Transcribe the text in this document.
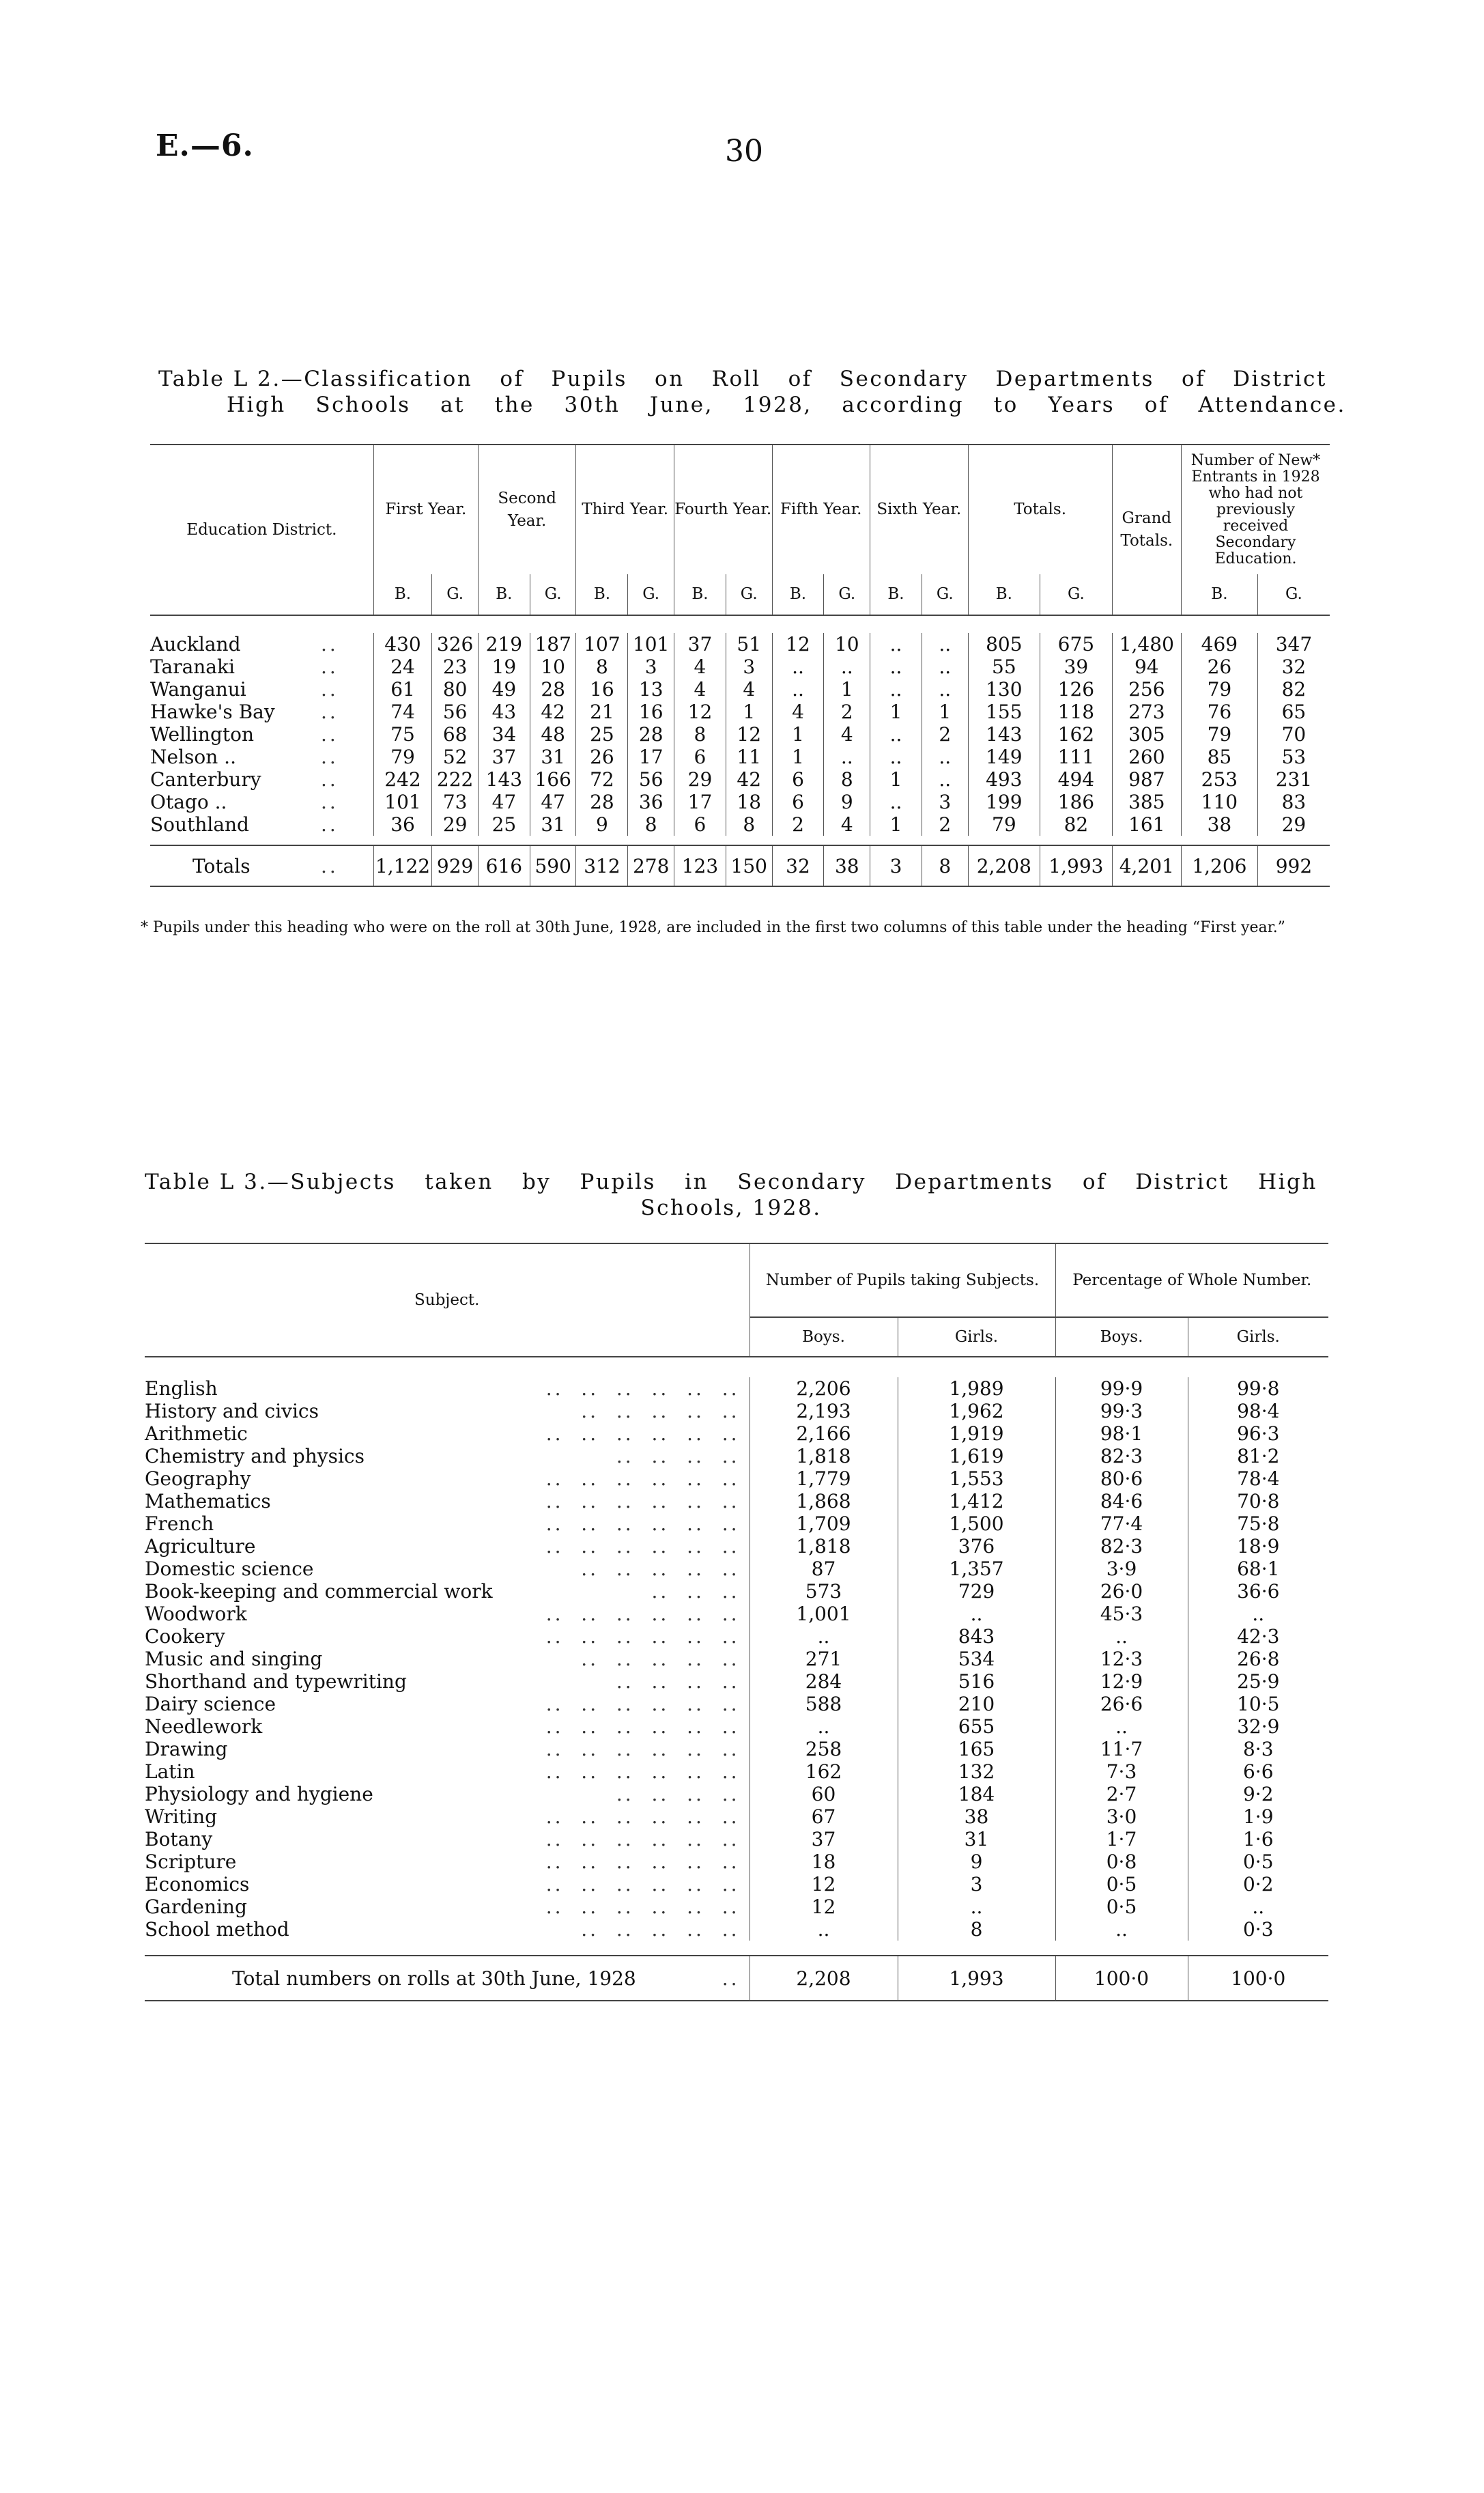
E.—6.	30
Table L 2.—Classification of Pupils on Roll of Secondary Departments of District
High Schools at the 30th June, 1928, according to Years of Attendance.
Education District.	First Year.		Second Year.		Third Year.		Fourth Year.		Fifth Year.		Sixth Year.		Totals.		Grand Totals.	Number of New* Entrants in 1928 who had not previously received Secondary Education.	
	B.	G.	B.	G.	B.	G.	B.	G.	B.	G.	B.	G.	B.	G.		B.	G.

Auckland ..	430	326	219	187	107	101	37	51	12	10	..	..	805	675	1,480	469	347
Taranaki ..	24	23	19	10	8	3	4	3	..	..	..	..	55	39	94	26	32
Wanganui ..	61	80	49	28	16	13	4	4	..	1	..	..	130	126	256	79	82
Hawke's Bay ..	74	56	43	42	21	16	12	1	4	2	1	1	155	118	273	76	65
Wellington ..	75	68	34	48	25	28	8	12	1	4	..	2	143	162	305	79	70
Nelson .. ..	79	52	37	31	26	17	6	11	1	..	..	..	149	111	260	85	53
Canterbury ..	242	222	143	166	72	56	29	42	6	8	1	..	493	494	987	253	231
Otago .. ..	101	73	47	47	28	36	17	18	6	9	..	3	199	186	385	110	83
Southland ..	36	29	25	31	9	8	6	8	2	4	1	2	79	82	161	38	29

Totals ..	1,122	929	616	590	312	278	123	150	32	38	3	8	2,208	1,993	4,201	1,206	992
* Pupils under this heading who were on the roll at 30th June, 1928, are included in the first two columns of this table under the heading “First year.”
Table L 3.—Subjects taken by Pupils in Secondary Departments of District High
Schools, 1928.
Subject.	Number of Pupils taking Subjects.		Percentage of Whole Number.	
	Boys.	Girls.	Boys.	Girls.

English ..  ..  ..  ..  ..  ..	2,206	1,989	99·9	99·8
History and civics ..  ..  ..  ..  ..	2,193	1,962	99·3	98·4
Arithmetic ..  ..  ..  ..  ..  ..	2,166	1,919	98·1	96·3
Chemistry and physics ..  ..  ..  ..	1,818	1,619	82·3	81·2
Geography ..  ..  ..  ..  ..  ..	1,779	1,553	80·6	78·4
Mathematics ..  ..  ..  ..  ..  ..	1,868	1,412	84·6	70·8
French ..  ..  ..  ..  ..  ..	1,709	1,500	77·4	75·8
Agriculture ..  ..  ..  ..  ..  ..	1,818	376	82·3	18·9
Domestic science ..  ..  ..  ..  ..	87	1,357	3·9	68·1
Book-keeping and commercial work ..  ..  ..	573	729	26·0	36·6
Woodwork ..  ..  ..  ..  ..  ..	1,001	..	45·3	..
Cookery ..  ..  ..  ..  ..  ..	..	843	..	42·3
Music and singing ..  ..  ..  ..  ..	271	534	12·3	26·8
Shorthand and typewriting ..  ..  ..  ..	284	516	12·9	25·9
Dairy science ..  ..  ..  ..  ..  ..	588	210	26·6	10·5
Needlework ..  ..  ..  ..  ..  ..	..	655	..	32·9
Drawing ..  ..  ..  ..  ..  ..	258	165	11·7	8·3
Latin ..  ..  ..  ..  ..  ..	162	132	7·3	6·6
Physiology and hygiene ..  ..  ..  ..	60	184	2·7	9·2
Writing ..  ..  ..  ..  ..  ..	67	38	3·0	1·9
Botany ..  ..  ..  ..  ..  ..	37	31	1·7	1·6
Scripture ..  ..  ..  ..  ..  ..	18	9	0·8	0·5
Economics ..  ..  ..  ..  ..  ..	12	3	0·5	0·2
Gardening ..  ..  ..  ..  ..  ..	12	..	0·5	..
School method ..  ..  ..  ..  ..	..	8	..	0·3

Total numbers on rolls at 30th June, 1928 ..	2,208	1,993	100·0	100·0
